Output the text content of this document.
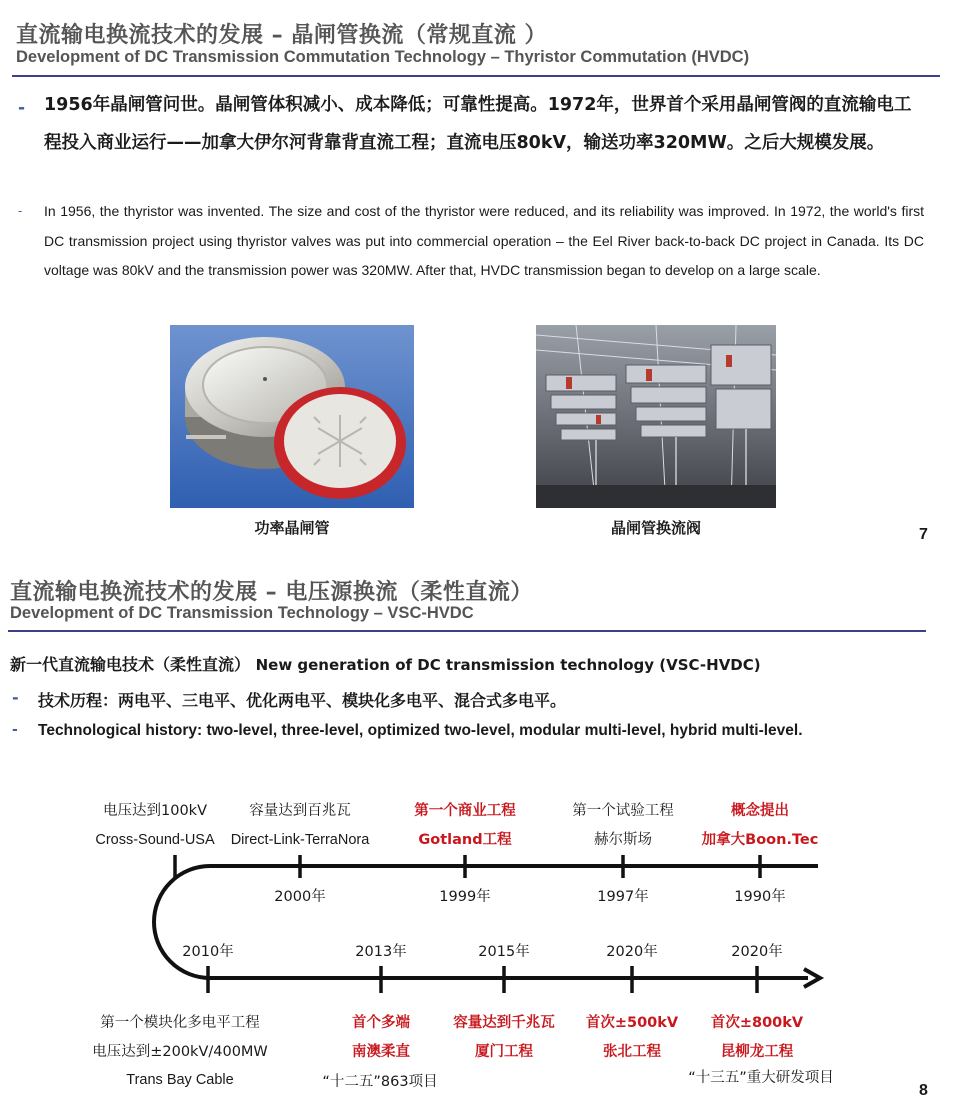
直流输电换流技术的发展 – 晶闸管换流（常规直流 ）
Development of DC Transmission Commutation Technology – Thyristor Commutation (HVDC)
- 1956年晶闸管问世。晶闸管体积减小、成本降低；可靠性提高。1972年，世界首个采用晶闸管阀的直流输电工程投入商业运行——加拿大伊尔河背靠背直流工程；直流电压80kV，输送功率320MW。之后大规模发展。
- In 1956, the thyristor was invented. The size and cost of the thyristor were reduced, and its reliability was improved. In 1972, the world's first DC transmission project using thyristor valves was put into commercial operation – the Eel River back-to-back DC project in Canada. Its DC voltage was 80kV and the transmission power was 320MW. After that, HVDC transmission began to develop on a large scale.
功率晶闸管	晶闸管换流阀	7
直流输电换流技术的发展 – 电压源换流（柔性直流）
Development of DC Transmission Technology – VSC-HVDC
新一代直流输电技术（柔性直流） New generation of DC transmission technology (VSC-HVDC)
- 技术历程：两电平、三电平、优化两电平、模块化多电平、混合式多电平。
- Technological history: two-level, three-level, optimized two-level, modular multi-level, hybrid multi-level.
概念提出
加拿大Boon.Tec
1990年
第一个试验工程
赫尔斯场
1997年
第一个商业工程
Gotland工程
1999年
容量达到百兆瓦
Direct-Link-TerraNora
2000年
电压达到100kV
Cross-Sound-USA
2010年
第一个模块化多电平工程
电压达到±200kV/400MW
Trans Bay Cable
2013年
首个多端
南澳柔直
2015年
容量达到千兆瓦
厦门工程
2020年
首次±500kV
张北工程
2020年
首次±800kV
昆柳龙工程
“十二五”863项目	“十三五”重大研发项目
8
